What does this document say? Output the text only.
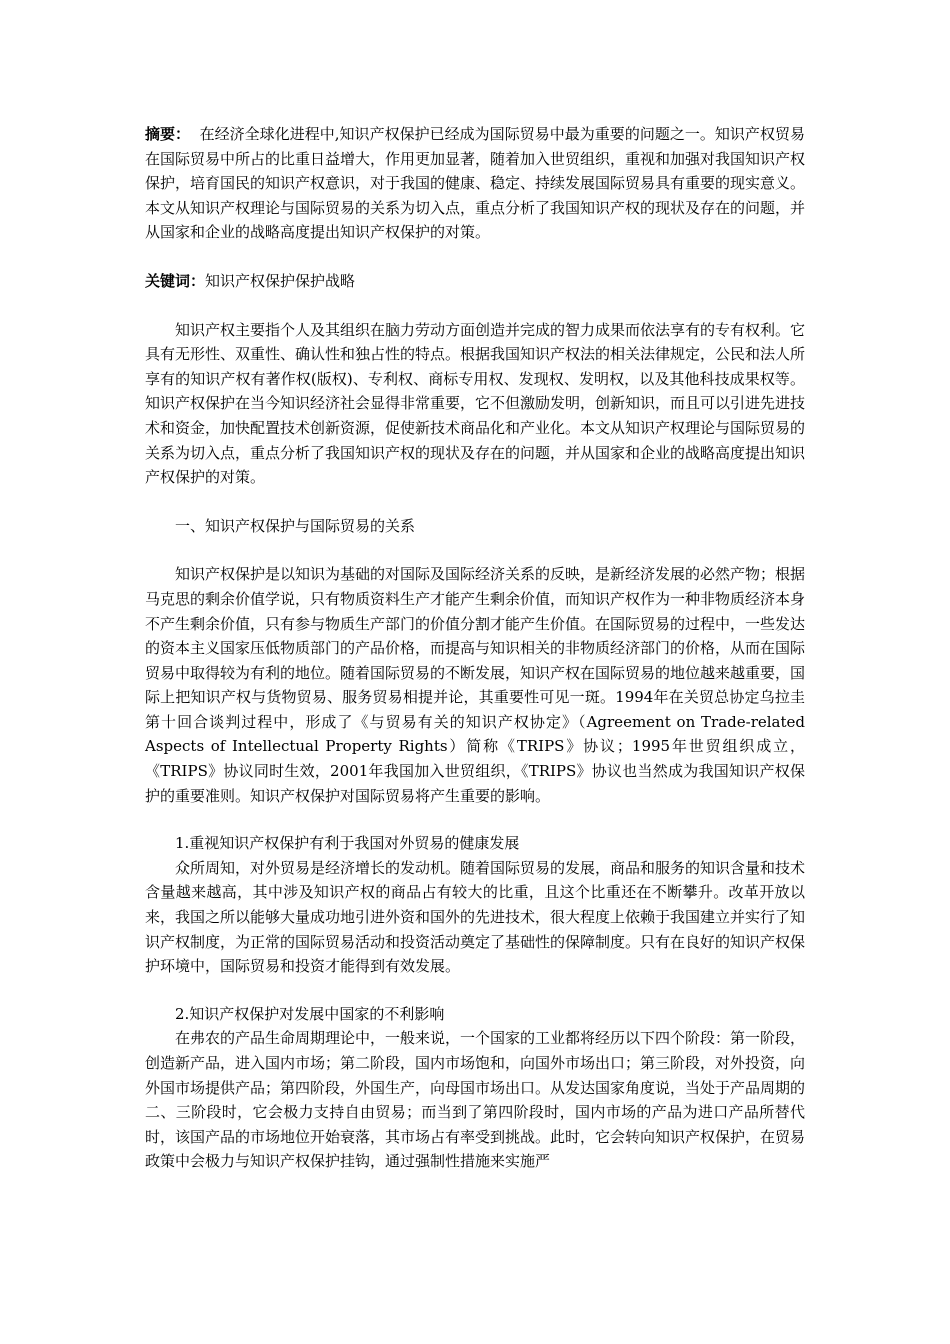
摘要： 在经济全球化进程中,知识产权保护已经成为国际贸易中最为重要的问题之一。知识产权贸易在国际贸易中所占的比重日益增大，作用更加显著，随着加入世贸组织，重视和加强对我国知识产权保护，培育国民的知识产权意识，对于我国的健康、稳定、持续发展国际贸易具有重要的现实意义。本文从知识产权理论与国际贸易的关系为切入点，重点分析了我国知识产权的现状及存在的问题，并从国家和企业的战略高度提出知识产权保护的对策。

关键词：知识产权保护保护战略

知识产权主要指个人及其组织在脑力劳动方面创造并完成的智力成果而依法享有的专有权利。它具有无形性、双重性、确认性和独占性的特点。根据我国知识产权法的相关法律规定，公民和法人所享有的知识产权有著作权(版权)、专利权、商标专用权、发现权、发明权，以及其他科技成果权等。知识产权保护在当今知识经济社会显得非常重要，它不但激励发明，创新知识，而且可以引进先进技术和资金，加快配置技术创新资源，促使新技术商品化和产业化。本文从知识产权理论与国际贸易的关系为切入点，重点分析了我国知识产权的现状及存在的问题，并从国家和企业的战略高度提出知识产权保护的对策。

一、知识产权保护与国际贸易的关系

知识产权保护是以知识为基础的对国际及国际经济关系的反映，是新经济发展的必然产物；根据马克思的剩余价值学说，只有物质资料生产才能产生剩余价值，而知识产权作为一种非物质经济本身不产生剩余价值，只有参与物质生产部门的价值分割才能产生价值。在国际贸易的过程中，一些发达的资本主义国家压低物质部门的产品价格，而提高与知识相关的非物质经济部门的价格，从而在国际贸易中取得较为有利的地位。随着国际贸易的不断发展，知识产权在国际贸易的地位越来越重要，国际上把知识产权与货物贸易、服务贸易相提并论，其重要性可见一斑。1994年在关贸总协定乌拉圭第十回合谈判过程中，形成了《与贸易有关的知识产权协定》（Agreement on Trade-related Aspects of Intellectual Property Rights）简称《TRIPS》协议；1995年世贸组织成立，《TRIPS》协议同时生效，2001年我国加入世贸组织，《TRIPS》协议也当然成为我国知识产权保护的重要准则。知识产权保护对国际贸易将产生重要的影响。

1.重视知识产权保护有利于我国对外贸易的健康发展

众所周知，对外贸易是经济增长的发动机。随着国际贸易的发展，商品和服务的知识含量和技术含量越来越高，其中涉及知识产权的商品占有较大的比重，且这个比重还在不断攀升。改革开放以来，我国之所以能够大量成功地引进外资和国外的先进技术，很大程度上依赖于我国建立并实行了知识产权制度，为正常的国际贸易活动和投资活动奠定了基础性的保障制度。只有在良好的知识产权保护环境中，国际贸易和投资才能得到有效发展。

2.知识产权保护对发展中国家的不利影响

在弗农的产品生命周期理论中，一般来说，一个国家的工业都将经历以下四个阶段：第一阶段，创造新产品，进入国内市场；第二阶段，国内市场饱和，向国外市场出口；第三阶段，对外投资，向外国市场提供产品；第四阶段，外国生产，向母国市场出口。从发达国家角度说，当处于产品周期的二、三阶段时，它会极力支持自由贸易；而当到了第四阶段时，国内市场的产品为进口产品所替代时，该国产品的市场地位开始衰落，其市场占有率受到挑战。此时，它会转向知识产权保护，在贸易政策中会极力与知识产权保护挂钩，通过强制性措施来实施严
